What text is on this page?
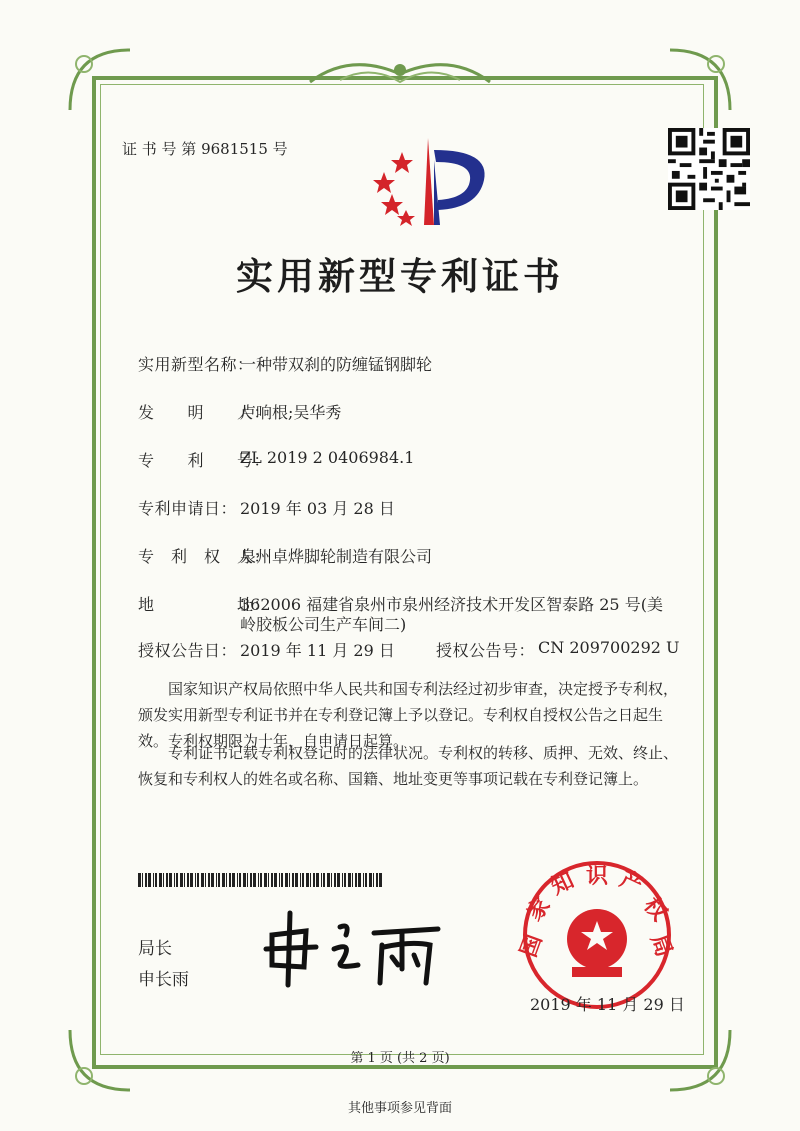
证 书 号 第 9681515 号
实用新型专利证书
实用新型名称：
一种带双刹的防缠锰钢脚轮
发　　明　　人：
卢响根;吴华秀
专　　利　　号：
ZL 2019 2 0406984.1
专利申请日： 2019 年 03 月 28 日
专　利　权　人：
泉州卓烨脚轮制造有限公司
地　　　　　址：
362006 福建省泉州市泉州经济技术开发区智泰路 25 号(美
岭胶板公司生产车间二)
授权公告日： 2019 年 11 月 29 日	授权公告号： CN 209700292 U
国家知识产权局依照中华人民共和国专利法经过初步审查，决定授予专利权，颁发实用新型专利证书并在专利登记簿上予以登记。专利权自授权公告之日起生效。专利权期限为十年，自申请日起算。
专利证书记载专利权登记时的法律状况。专利权的转移、质押、无效、终止、恢复和专利权人的姓名或名称、国籍、地址变更等事项记载在专利登记簿上。
局长
申长雨
国
家
知 识 产
权
局
2019 年 11 月 29 日
第 1 页 (共 2 页)
其他事项参见背面
